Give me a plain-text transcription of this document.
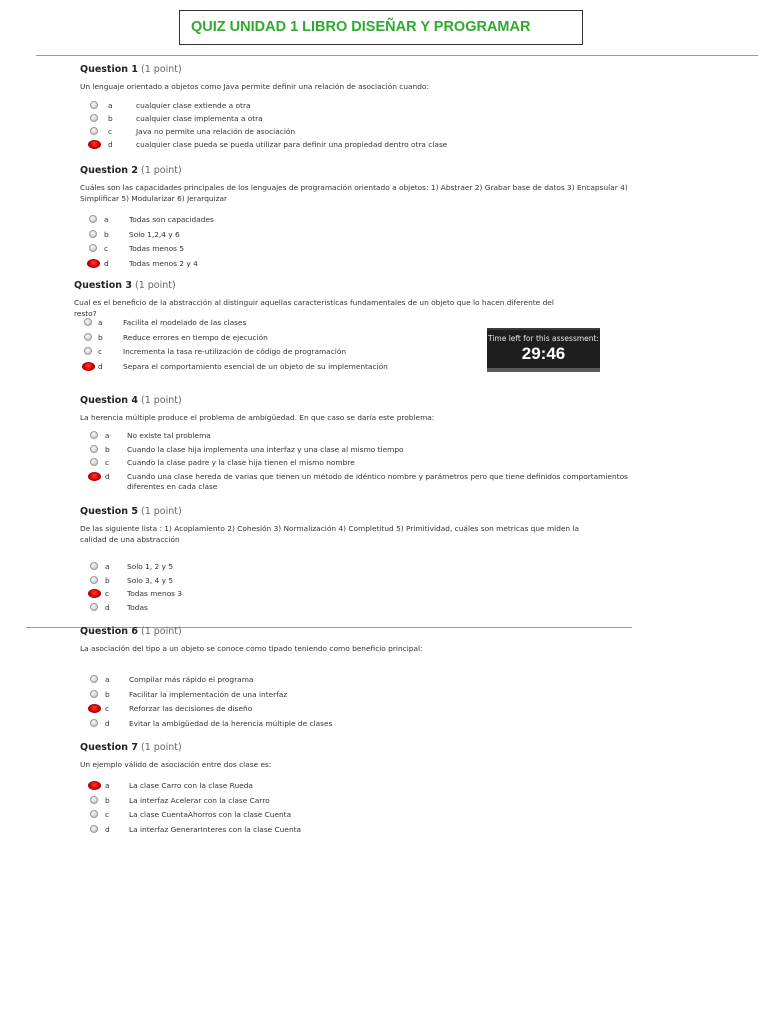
QUIZ UNIDAD 1 LIBRO DISEÑAR Y PROGRAMAR
Time left for this assessment:
29:46
Question 1 (1 point)
Un lenguaje orientado a objetos como Java permite definir una relación de asociación cuando:
a	cualquier clase extiende a otra
b	cualquier clase implementa a otra
c	Java no permite una relación de asociación
d	cualquier clase pueda se pueda utilizar para definir una propiedad dentro otra clase
Question 2 (1 point)
Cuáles son las capacidades principales de los lenguajes de programación orientado a objetos: 1) Abstraer 2) Grabar base de datos 3) Encapsular 4) Simplificar 5) Modularizar 6) Jerarquizar
a	Todas son capacidades
b	Solo 1,2,4 y 6
c	Todas menos 5
d	Todas menos 2 y 4
Question 3 (1 point)
Cual es el beneficio de la abstracción al distinguir aquellas características fundamentales de un objeto que lo hacen diferente del resto?
a	Facilita el modelado de las clases
b	Reduce errores en tiempo de ejecución
c	Incrementa la tasa re-utilización de código de programación
d	Separa el comportamiento esencial de un objeto de su implementación
Question 4 (1 point)
La herencia múltiple produce el problema de ambigüedad. En que caso se daría este problema:
a No existe tal problema
b Cuando la clase hija implementa una interfaz y una clase al mismo tiempo
c Cuando la clase padre y la clase hija tienen el mismo nombre
d Cuando una clase hereda de varias que tienen un método de idéntico nombre y parámetros pero que tiene definidos comportamientos
diferentes en cada clase
Question 5 (1 point)
De las siguiente lista : 1) Acoplamiento 2) Cohesión 3) Normalización 4) Completitud 5) Primitividad, cuáles son metricas que miden la calidad de una abstracción
a Solo 1, 2 y 5
b Solo 3, 4 y 5
c Todas menos 3
d Todas
Question 6 (1 point)
La asociación del tipo a un objeto se conoce como tipado teniendo como beneficio principal:
a	Compilar más rápido el programa
b	Facilitar la implementación de una interfaz
c	Reforzar las decisiones de diseño
d	Evitar la ambigüedad de la herencia múltiple de clases
Question 7 (1 point)
Un ejemplo válido de asociación entre dos clase es:
a	La clase Carro con la clase Rueda
b	La interfaz Acelerar con la clase Carro
c	La clase CuentaAhorros con la clase Cuenta
d	La interfaz GenerarInteres con la clase Cuenta
